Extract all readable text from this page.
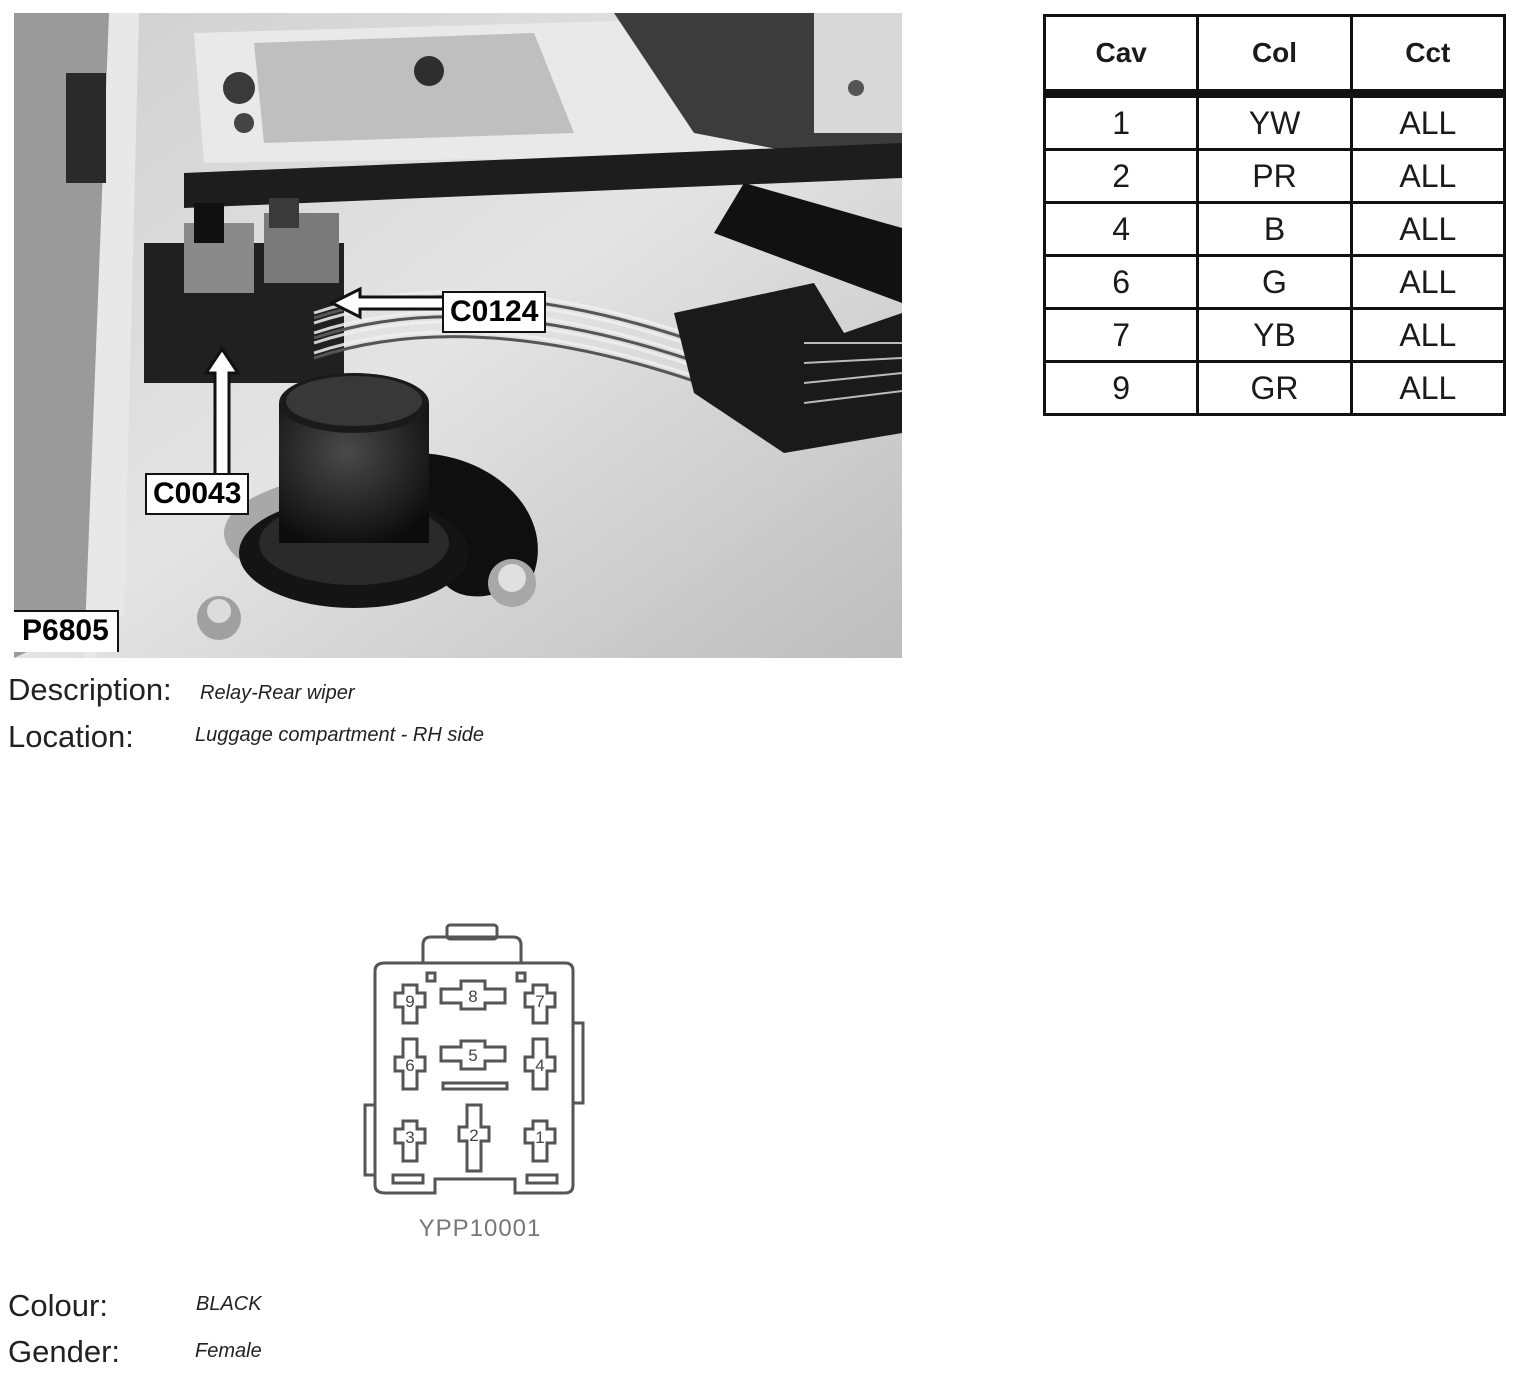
C0124
C0043
P6805
Cav	Col	Cct
1	YW	ALL
2	PR	ALL
4	B	ALL
6	G	ALL
7	YB	ALL
9	GR	ALL
Description: Relay-Rear wiper
Location:	Luggage compartment - RH side
9	8	7
6
5
4
3	2	1
YPP10001
Colour:	BLACK
Gender:	Female
